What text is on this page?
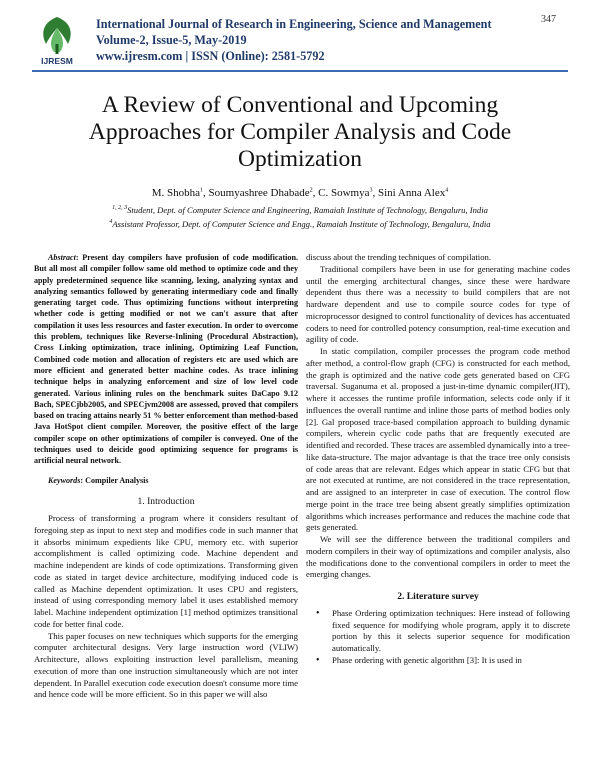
IJRESM
International Journal of Research in Engineering, Science and Management
Volume-2, Issue-5, May-2019
www.ijresm.com | ISSN (Online): 2581-5792
347
A Review of Conventional and Upcoming
Approaches for Compiler Analysis and Code
Optimization
M. Shobha$^1$, Soumyashree Dhabade$^2$, C. Sowmya$^3$, Sini Anna Alex$^4$
$^{1, 2, 3}$Student, Dept. of Computer Science and Engineering, Ramaiah Institute of Technology, Bengaluru, India
$^4$Assistant Professor, Dept. of Computer Science and Engg., Ramaiah Institute of Technology, Bengaluru, India

Abstract: Present day compilers have profusion of code modification. But all most all compiler follow same old method to optimize code and they apply predetermined sequence like scanning, lexing, analyzing syntax and analyzing semantics followed by generating intermediary code and finally generating target code. Thus optimizing functions without interpreting whether code is getting modified or not we can't assure that after compilation it uses less resources and faster execution. In order to overcome this problem, techniques like Reverse-Inlining (Procedural Abstraction), Cross Linking optimization, trace inlining, Optimizing Leaf Function, Combined code motion and allocation of registers etc are used which are more efficient and generated better machine codes. As trace inlining technique helps in analyzing enforcement and size of low level code generated. Various inlining rules on the benchmark suites DaCapo 9.12 Bach, SPECjbb2005, and SPECjvm2008 are assessed, proved that compilers based on tracing attains nearly 51 % better enforcement than method-based Java HotSpot client compiler. Moreover, the positive effect of the large compiler scope on other optimizations of compiler is conveyed. One of the techniques used to deicide good optimizing sequence for programs is artificial neural network.

Keywords: Compiler Analysis

1. Introduction

Process of transforming a program where it considers resultant of foregoing step as input to next step and modifies code in such manner that it absorbs minimum expedients like CPU, memory etc. with superior accomplishment is called optimizing code. Machine dependent and machine independent are kinds of code optimizations. Transforming given code as stated in target device architecture, modifying induced code is called as Machine dependent optimization. It uses CPU and registers, instead of using corresponding memory label it uses established memory label. Machine independent optimization [1] method optimizes transitional code for better final code.

This paper focuses on new techniques which supports for the emerging computer architectural designs. Very large instruction word (VLIW) Architecture, allows exploiting instruction level parallelism, meaning execution of more than one instruction simultaneously which are not inter dependent. In Parallel execution code execution doesn't consume more time and hence code will be more efficient. So in this paper we will also

discuss about the trending techniques of compilation.

Traditional compilers have been in use for generating machine codes until the emerging architectural changes, since these were hardware dependent thus there was a necessity to build compilers that are not hardware dependent and use to compile source codes for type of microprocessor designed to control functionality of devices has accentuated coders to need for controlled potency consumption, real-time execution and agility of code.

In static compilation, compiler processes the program code method after method, a control-flow graph (CFG) is constructed for each method, the graph is optimized and the native code gets generated based on CFG traversal. Suganuma et al. proposed a just-in-time dynamic compiler(JIT), where it accesses the runtime profile information, selects code only if it influences the overall runtime and inline those parts of method bodies only [2]. Gal proposed trace-based compilation approach to building dynamic compilers, wherein cyclic code paths that are frequently executed are identified and recorded. These traces are assembled dynamically into a tree-like data-structure. The major advantage is that the trace tree only consists of code areas that are relevant. Edges which appear in static CFG but that are not executed at runtime, are not considered in the trace representation, and are assigned to an interpreter in case of execution. The control flow merge point in the trace tree being absent greatly simplifies optimization algorithms which increases performance and reduces the machine code that gets generated.

We will see the difference between the traditional compilers and modern compilers in their way of optimizations and compiler analysis, also the modifications done to the conventional compilers in order to meet the emerging changes.

2. Literature survey
• Phase Ordering optimization techniques: Here instead of following fixed sequence for modifying whole program, apply it to discrete portion by this it selects superior sequence for modification automatically.
• Phase ordering with genetic algorithm [3]: It is used in
